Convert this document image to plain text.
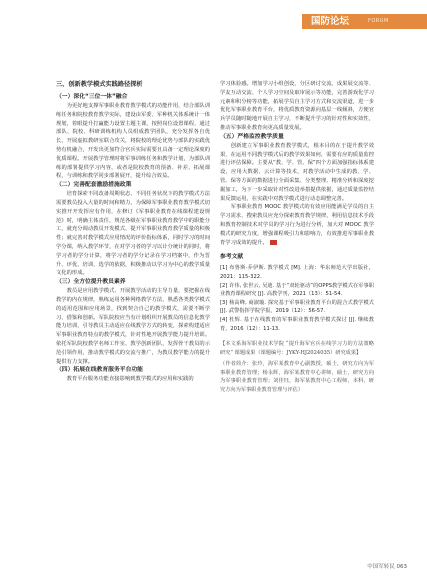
国防论坛	FORUM
三、创新教学模式实践路径探析
（一）深化“三位一体”融合

为更好地支撑军事职业教育教学模式的功能作用，结合部队训练任务和院校教育教学实际，建设由军委、军种机关体系统计一体规划，着眼提升打赢能力设置主题主课，按照岗位设置课程，通过部队、院校、科研训练机构人员组成教学团队，充分发挥各自优长，开展虚拟教研室联合攻关，将院校的理论优势与部队的实践优势有机融合，开发出更加符合官兵实际需要且具备一定理论深度的优质课程。开展教学管理时将军事训练任务和教学计划，为部队训练的部署提供学习内容，或者是院校教育的预备、补差、拓展课程，与训练和教学同步部署展开，提升综合效益。

（二）完善配套激励措施政策

培育探索不同改备周期状态、不同任务状况下的教学模式方法需要教员投入大量的时间和精力，为保障军事职业教育教学模式切实推开开发挥应有作用，在修订《军事职业教育在线课程建设规范》时，明确主体责任，规范各级在军事职业教育教学中的职能分工，就充分调动教员开发模式、提升军事职业教育教学质量的积极性；就完善对教学模式应用情况的评价指标体系，同时学习的时间学分课，纳入教学环节，在对学习者的学习以计分统计的同时，将学习者的学分计算，将学习者的学分记录在学习档案中，作为晋升、评优、培训、选学的依据，积极推动以学习为中心的教学质量文化的形成。

（三）全方位提升教员素养

教员是应用教学模式、开展教学活动的主导力量，要把握在线教学的内在规律，熟练运用各种网络教学方法，熟悉各类教学模式的适用范围和应用场景，找到契合自己的教学模式，需要不断学习、借鉴和创新。军队院校应当有计划组织开展教员的信息化教学能力培训，引导教员主动适应在线教学方式的转变，探索构建适应军事职业教育特点的教学模式，针对性地开展教学能力提升培训。依托军队院校教学名师工作室、教学创新团队，发挥骨干教员的示范引领作用，推动教学模式的交流与推广，为教员教学能力的提升提供有力支撑。

（四）拓展在线教育服务平台功能

教育平台服务功能直接影响到教学模式的应用和实践的

学习体验感。增加学习小组创设、分区研讨交流、成果展交流等、学友互动交流、个人学习空间及取审展示等功能，完善游戏化学习元素和积分榜等功能，拓展学员自主学习方式和交流渠道，进一步优化军事职业教育平台，将优质教育资源向基层一线倾斜，方便官兵学员随时随地开展自主学习，不断提升学习的针对性和实效性，推动军事职业教育向更高质量发展。

（五）严格监控教学质量

创新建立军事职业教育教学模式，根本目的在于提升教学效果，在运用不同教学模式后的教学效果如何，需要有应的质量监控进行评估保障。主要从“教、学、管、保”四个方面加强指标体系建设，应用大数据、云计算等技术，对教学活动中生成的教、学、管、保等方面的数据进行全面采集、分类整理、精准分析和深度挖掘加工，为下一步采取针对性改进举措提供依据，通过质量监控结果反馈运用，在实践中对教学模式进行动态调整完善。

军事职业教育 MOOC 教学模式的有效应用能满足学员的自主学习需求，搜索教员应充分探索教育教学规律，利用信息技术手段和教育控制技术对学员的学习行为进行分析，加大对 MOOC 教学模式的研究力度，增强课程吸引力和影响力，有效推进军事职业教育学习成效的提升。

参考文献
[1] 布鲁斯·乔伊斯. 教学模式 [M]. 上海：华东师范大学出版社，2021：115-322.
[2] 许伟, 张世云, 吴迪. 基于“双轮驱动”的OPPS教学模式在军事职业教育课程研究 [J]. 高教学刊，2021（13）：51-54.
[3] 杨高峰, 商淑璇. 探究基于军事职业教育平台的混合式教学模式 [J]. 武警指挥学院学报，2019（12）：56-57.
[4] 杜辉. 基于在线教育的军事职业教育教学模式探讨 [J]. 继续教育，2016（12）：11-13.
【本文系海军职业技术学院 “提升海军官兵在线学习力的方法策略研究” 课题成果（课题编号：JYKY-HJ2024035）研究成果】
（作者简介：张玲，海军某教育中心副教授，硕士，研究方向为军事职业教育管理；杨永辉，海军某教育中心讲师，硕士，研究方向为军事职业教育管理；刘佳钰，海军某教育中心工程师，本科，研究方向为军事职业教育管理与评估）
中国军转民 063
